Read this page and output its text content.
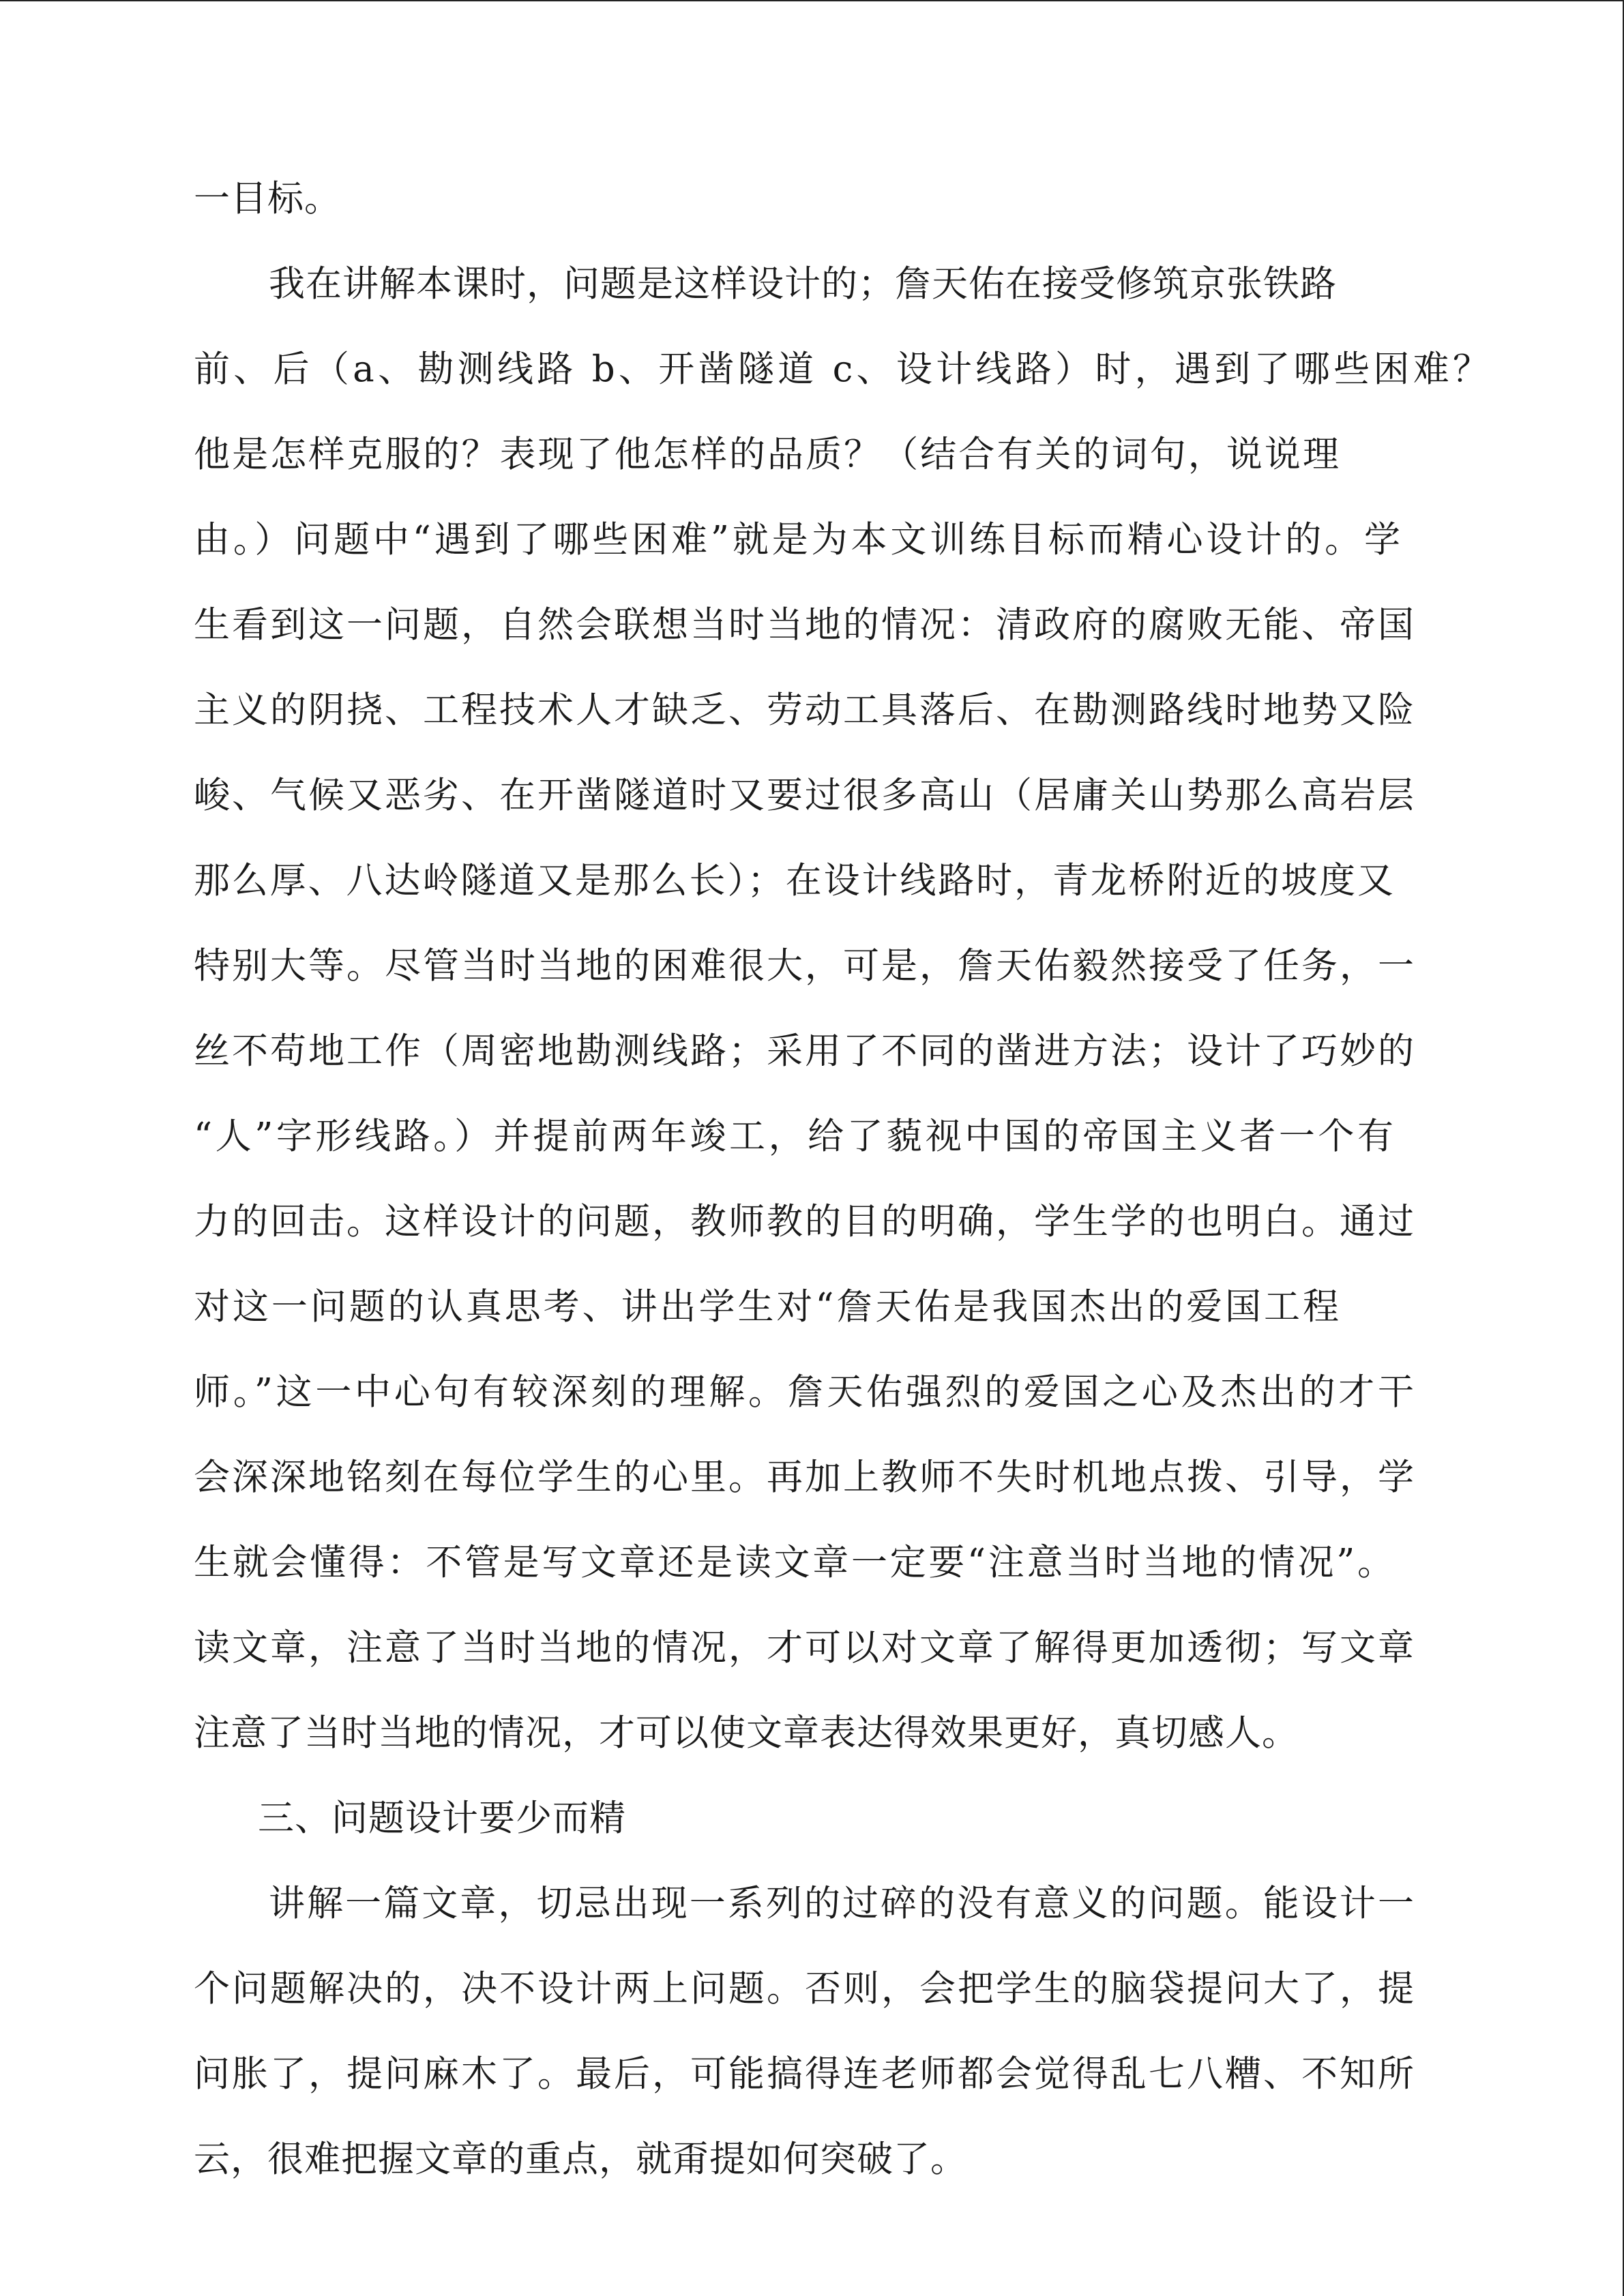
一目标。
我在讲解本课时，问题是这样设计的；詹天佑在接受修筑京张铁路
前、后（a、勘测线路 b、开凿隧道 c、设计线路）时，遇到了哪些困难？
他是怎样克服的？表现了他怎样的品质？（结合有关的词句，说说理
由。）问题中“遇到了哪些困难”就是为本文训练目标而精心设计的。学
生看到这一问题，自然会联想当时当地的情况：清政府的腐败无能、帝国
主义的阴挠、工程技术人才缺乏、劳动工具落后、在勘测路线时地势又险
峻、气候又恶劣、在开凿隧道时又要过很多高山（居庸关山势那么高岩层
那么厚、八达岭隧道又是那么长）；在设计线路时，青龙桥附近的坡度又
特别大等。尽管当时当地的困难很大，可是，詹天佑毅然接受了任务，一
丝不苟地工作（周密地勘测线路；采用了不同的凿进方法；设计了巧妙的
“人”字形线路。）并提前两年竣工，给了藐视中国的帝国主义者一个有
力的回击。这样设计的问题，教师教的目的明确，学生学的也明白。通过
对这一问题的认真思考、讲出学生对“詹天佑是我国杰出的爱国工程
师。”这一中心句有较深刻的理解。詹天佑强烈的爱国之心及杰出的才干
会深深地铭刻在每位学生的心里。再加上教师不失时机地点拨、引导，学
生就会懂得：不管是写文章还是读文章一定要“注意当时当地的情况”。
读文章，注意了当时当地的情况，才可以对文章了解得更加透彻；写文章
注意了当时当地的情况，才可以使文章表达得效果更好，真切感人。
三、问题设计要少而精
讲解一篇文章，切忌出现一系列的过碎的没有意义的问题。能设计一
个问题解决的，决不设计两上问题。否则，会把学生的脑袋提问大了，提
问胀了，提问麻木了。最后，可能搞得连老师都会觉得乱七八糟、不知所
云，很难把握文章的重点，就甭提如何突破了。
